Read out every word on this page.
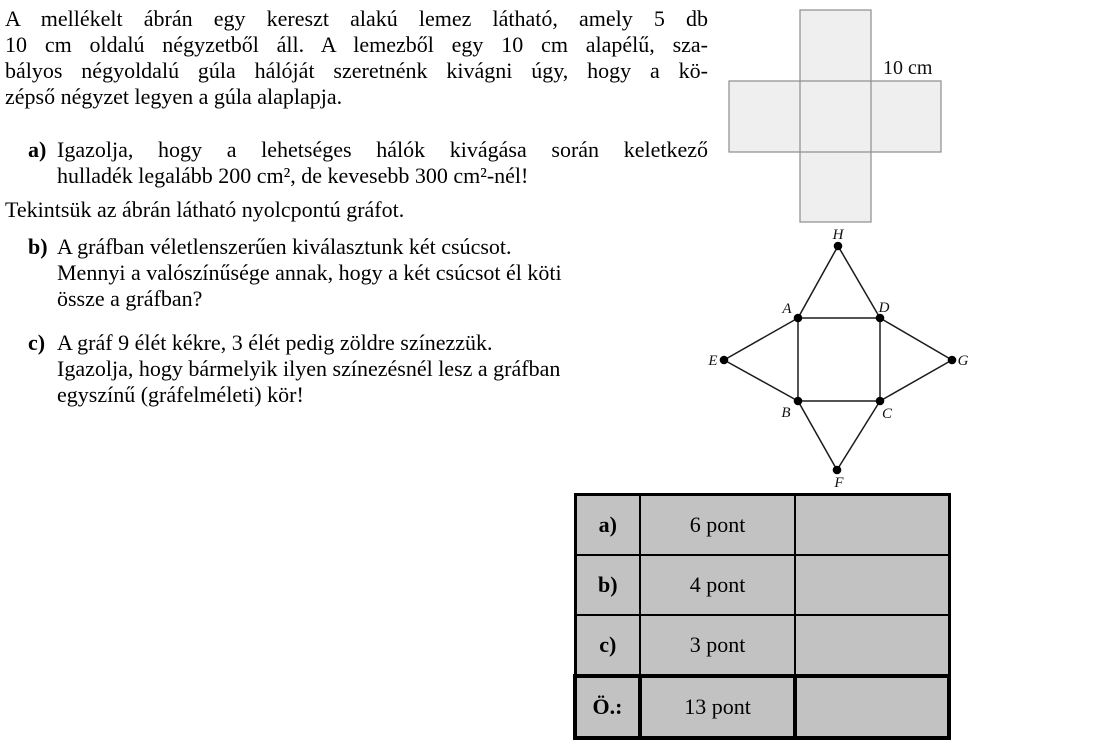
A mellékelt ábrán egy kereszt alakú lemez látható, amely 5 db
10 cm oldalú négyzetből áll. A lemezből egy 10 cm alapélű, sza-
bályos négyoldalú gúla hálóját szeretnénk kivágni úgy, hogy a kö-
zépső négyzet legyen a gúla alaplapja.
a) Igazolja, hogy a lehetséges hálók kivágása során keletkező
hulladék legalább 200 cm², de kevesebb 300 cm²-nél!
Tekintsük az ábrán látható nyolcpontú gráfot.
b) A gráfban véletlenszerűen kiválasztunk két csúcsot.
Mennyi a valószínűsége annak, hogy a két csúcsot él köti
össze a gráfban?
c) A gráf 9 élét kékre, 3 élét pedig zöldre színezzük.
Igazolja, hogy bármelyik ilyen színezésnél lesz a gráfban
egyszínű (gráfelméleti) kör!
10 cm
H
A	D
E	G
B	C
F
a)	6 pont	
b)	4 pont	
c)	3 pont	
Ö.:	13 pont	
